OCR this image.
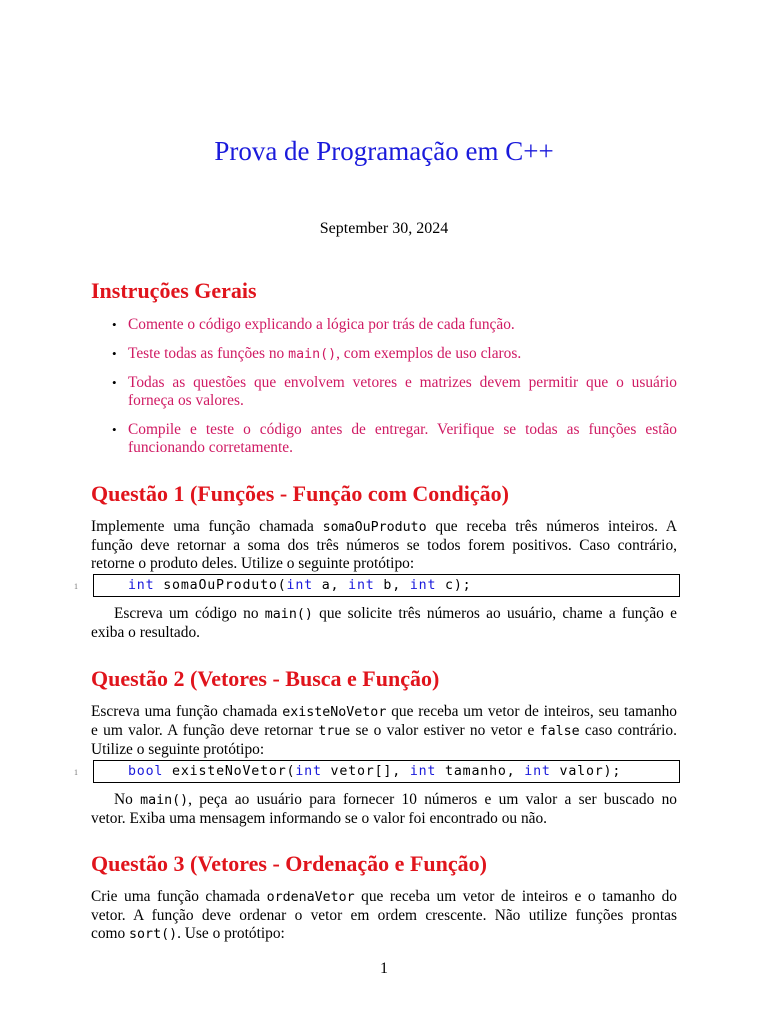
Prova de Programação em C++
September 30, 2024
Instruções Gerais
• Comente o código explicando a lógica por trás de cada função.
• Teste todas as funções no main(), com exemplos de uso claros.
• Todas as questões que envolvem vetores e matrizes devem permitir que o usuário
forneça os valores.
• Compile e teste o código antes de entregar. Verifique se todas as funções estão
funcionando corretamente.
Questão 1 (Funções - Função com Condição)
Implemente uma função chamada somaOuProduto que receba três números inteiros. A
função deve retornar a soma dos três números se todos forem positivos. Caso contrário,
retorne o produto deles. Utilize o seguinte protótipo:
1	int somaOuProduto(int a, int b, int c);
Escreva um código no main() que solicite três números ao usuário, chame a função e
exiba o resultado.
Questão 2 (Vetores - Busca e Função)
Escreva uma função chamada existeNoVetor que receba um vetor de inteiros, seu tamanho
e um valor. A função deve retornar true se o valor estiver no vetor e false caso contrário.
Utilize o seguinte protótipo:
1	bool existeNoVetor(int vetor[], int tamanho, int valor);
No main(), peça ao usuário para fornecer 10 números e um valor a ser buscado no
vetor. Exiba uma mensagem informando se o valor foi encontrado ou não.
Questão 3 (Vetores - Ordenação e Função)
Crie uma função chamada ordenaVetor que receba um vetor de inteiros e o tamanho do
vetor. A função deve ordenar o vetor em ordem crescente. Não utilize funções prontas
como sort(). Use o protótipo:
1
